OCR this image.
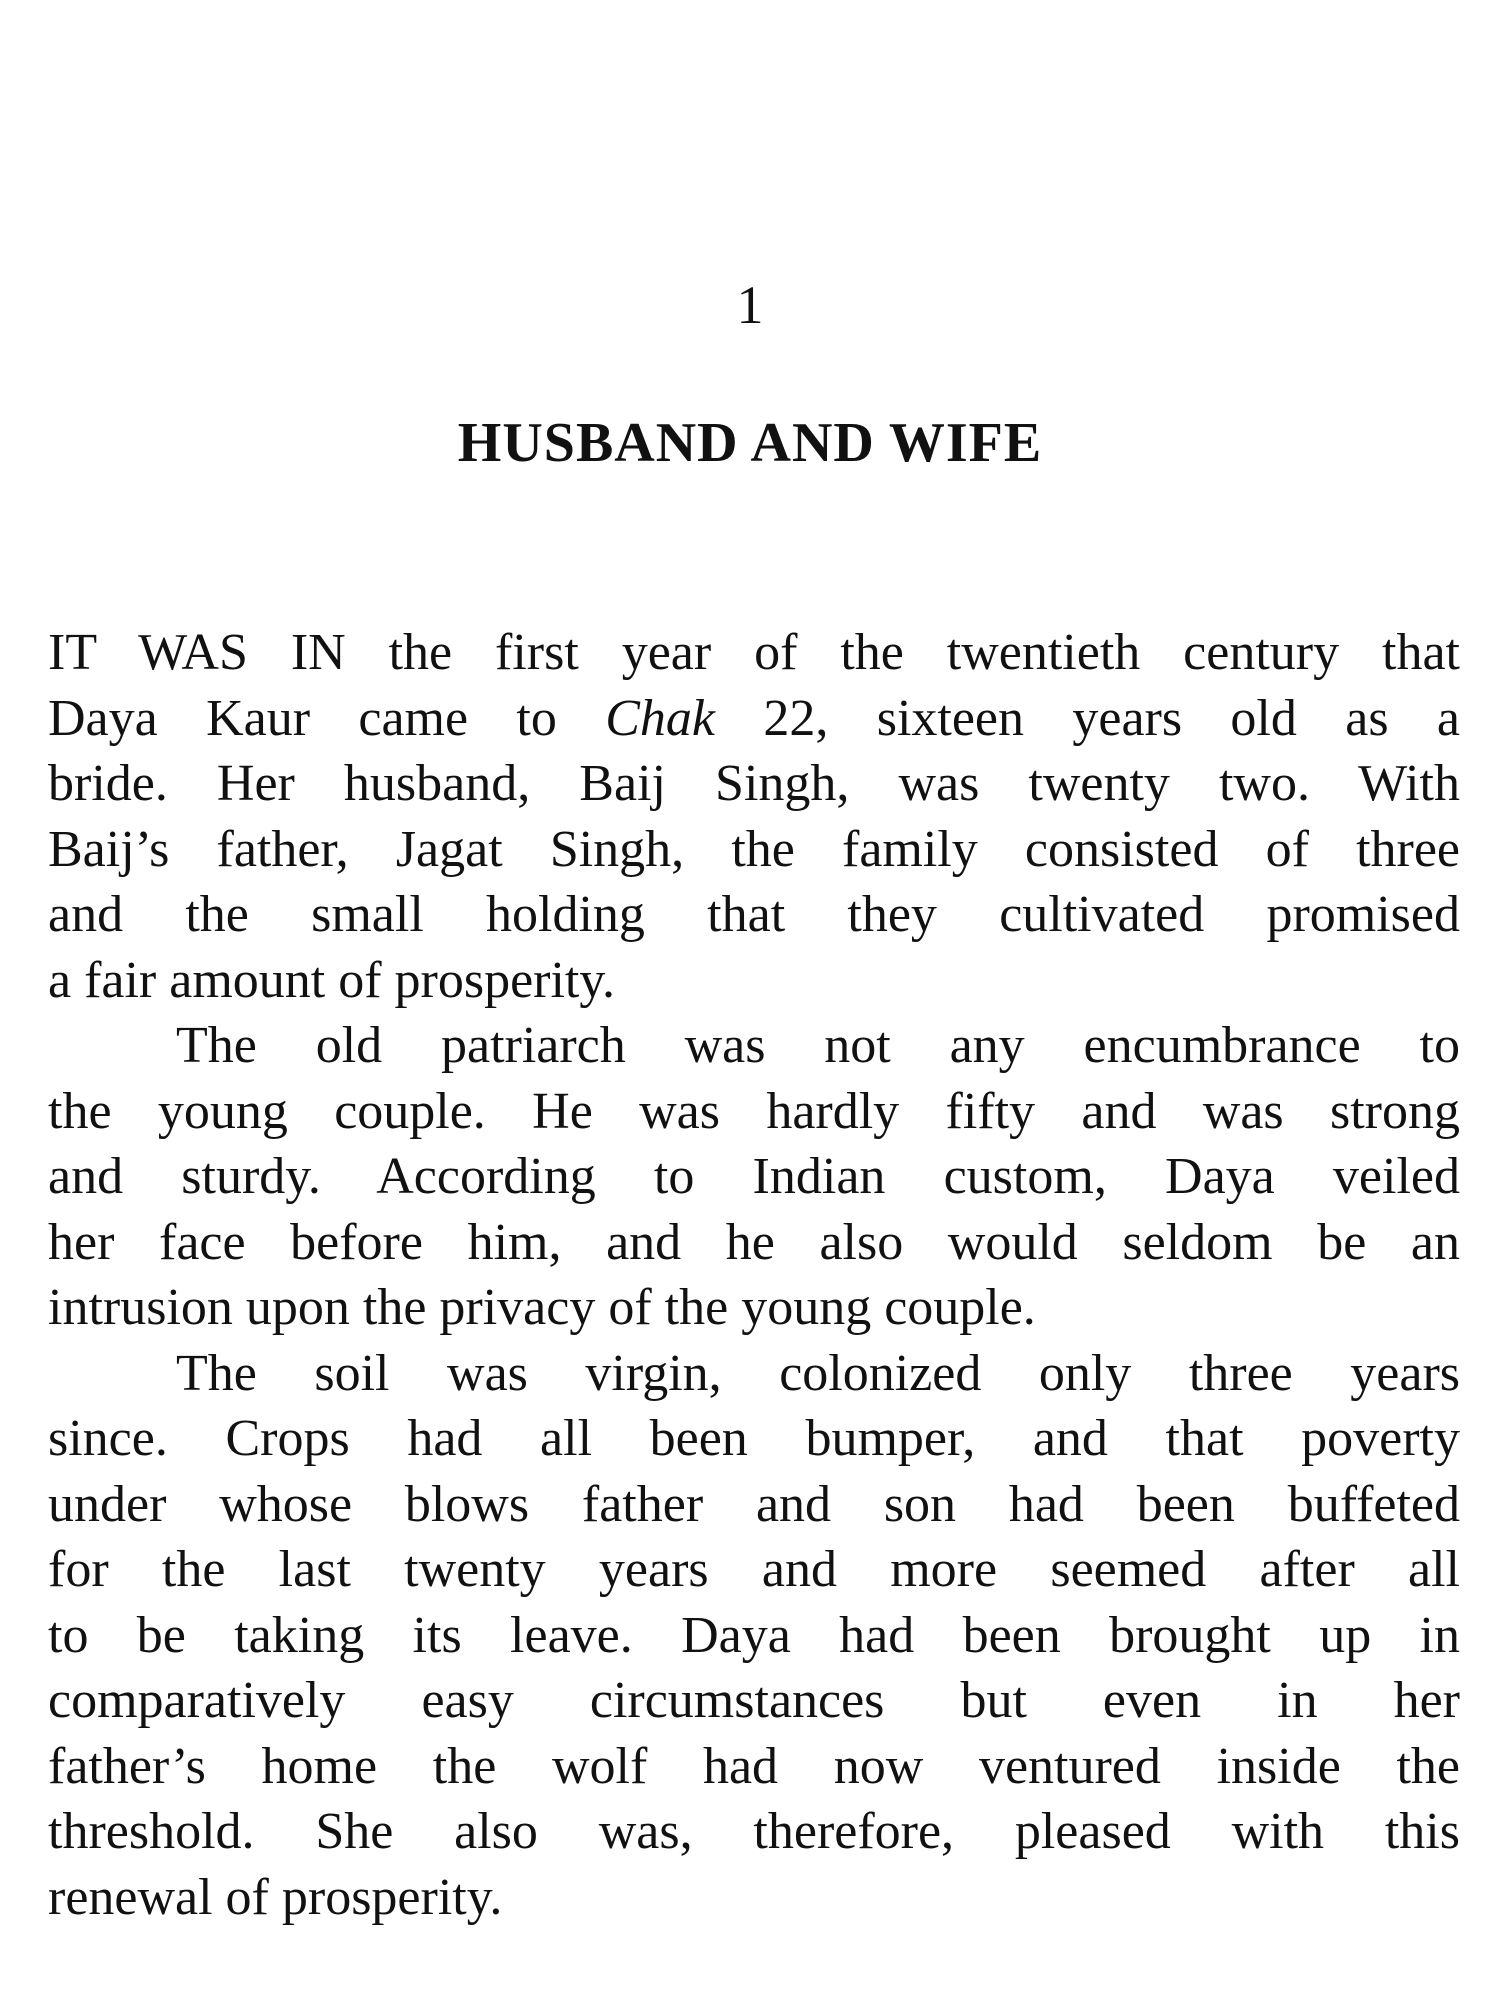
1
HUSBAND AND WIFE

IT WAS IN the first year of the twentieth century that
Daya Kaur came to Chak 22, sixteen years old as a
bride. Her husband, Baij Singh, was twenty two. With
Baij’s father, Jagat Singh, the family consisted of three
and the small holding that they cultivated promised
a fair amount of prosperity.

The old patriarch was not any encumbrance to
the young couple. He was hardly fifty and was strong
and sturdy. According to Indian custom, Daya veiled
her face before him, and he also would seldom be an
intrusion upon the privacy of the young couple.

The soil was virgin, colonized only three years
since. Crops had all been bumper, and that poverty
under whose blows father and son had been buffeted
for the last twenty years and more seemed after all
to be taking its leave. Daya had been brought up in
comparatively easy circumstances but even in her
father’s home the wolf had now ventured inside the
threshold. She also was, therefore, pleased with this
renewal of prosperity.
